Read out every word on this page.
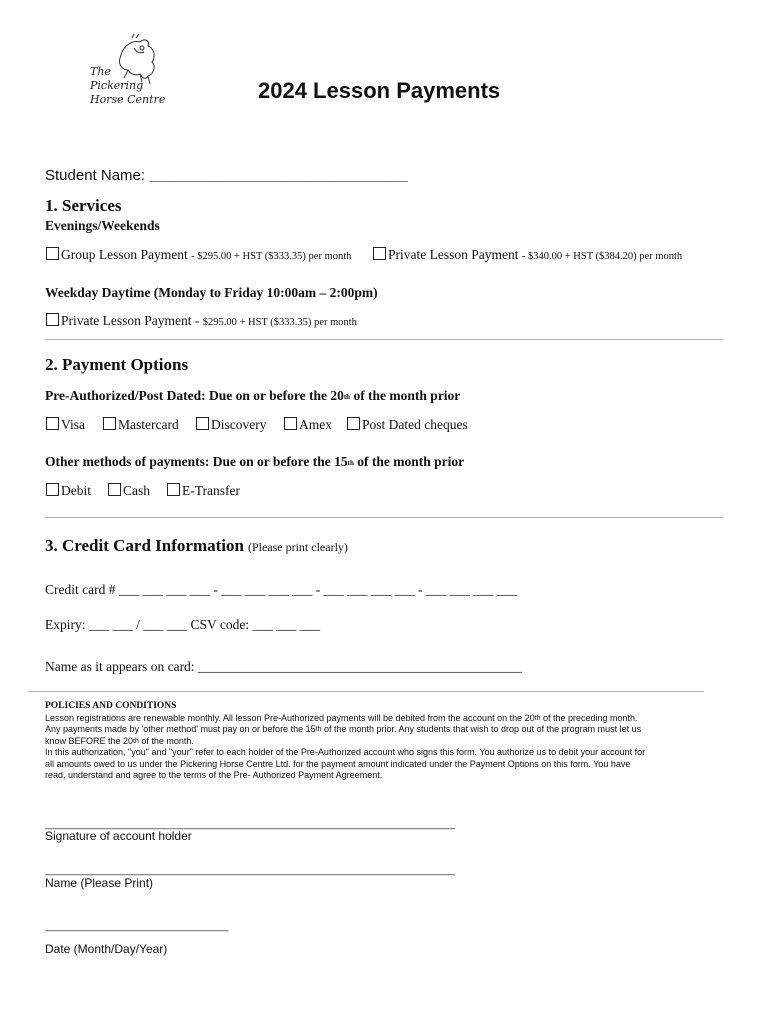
The
Pickering
Horse Centre	2024 Lesson Payments
Student Name: _______________________________
1. Services
Evenings/Weekends
Group Lesson Payment - $295.00 + HST ($333.35) per month	Private Lesson Payment - $340.00 + HST ($384.20) per month
Weekday Daytime (Monday to Friday 10:00am – 2:00pm)
Private Lesson Payment - $295.00 + HST ($333.35) per month
2. Payment Options
Pre-Authorized/Post Dated: Due on or before the 20th of the month prior
Visa	Mastercard	Discovery	Amex	Post Dated cheques
Other methods of payments: Due on or before the 15th of the month prior
Debit	Cash	E-Transfer
3. Credit Card Information (Please print clearly)
Credit card # ___ ___ ___ ___ - ___ ___ ___ ___ - ___ ___ ___ ___ - ___ ___ ___ ___
Expiry: ___ ___ / ___ ___ CSV code: ___ ___ ___
Name as it appears on card: ________________________________________________
POLICIES AND CONDITIONS
Lesson registrations are renewable monthly. All lesson Pre-Authorized payments will be debited from the account on the 20th of the preceding month.
Any payments made by 'other method' must pay on or before the 15th of the month prior. Any students that wish to drop out of the program must let us
know BEFORE the 20th of the month.
In this authorization, "you" and "your" refer to each holder of the Pre-Authorized account who signs this form. You authorize us to debit your account for
all amounts owed to us under the Pickering Horse Centre Ltd. for the payment amount indicated under the Payment Options on this form. You have
read, understand and agree to the terms of the Pre- Authorized Payment Agreement.
___________________________________________________________________
Signature of account holder
___________________________________________________________________
Name (Please Print)
______________________________
Date (Month/Day/Year)
